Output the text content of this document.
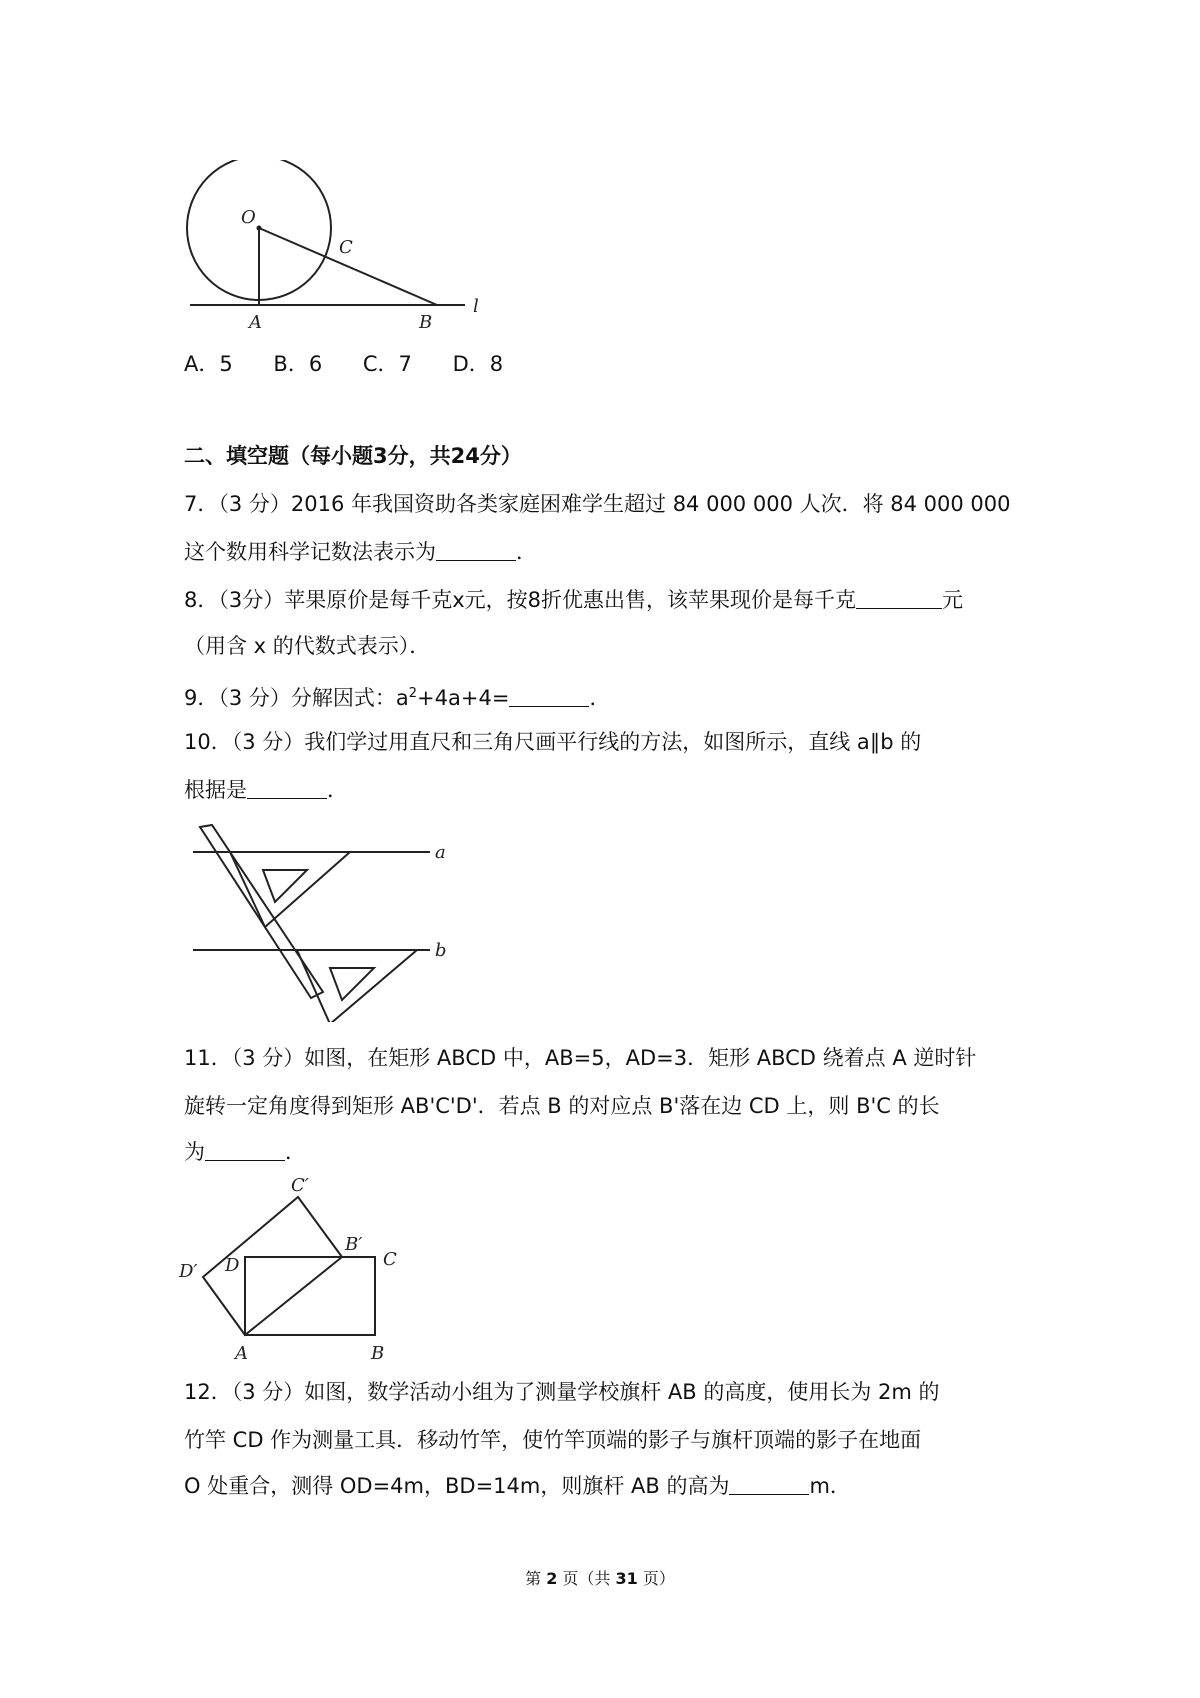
O
C
A	B
l
A．5 B．6 C．7 D．8
二、填空题（每小题3分，共24分）
7．（3 分）2016 年我国资助各类家庭困难学生超过 84 000 000 人次．将 84 000 000
这个数用科学记数法表示为	．
8．（3分）苹果原价是每千克x元，按8折优惠出售，该苹果现价是每千克	元
（用含 x 的代数式表示）．
9．（3 分）分解因式：$a^2+4a+4=$	．
10．（3 分）我们学过用直尺和三角尺画平行线的方法，如图所示，直线 a∥b 的
根据是	．
a
b
11．（3 分）如图，在矩形 ABCD 中，AB=5，AD=3．矩形 ABCD 绕着点 A 逆时针
旋转一定角度得到矩形 AB'C'D'．若点 B 的对应点 B'落在边 CD 上，则 B'C 的长
为	．
C′
B′
C
D′ D
A	B
12．（3 分）如图，数学活动小组为了测量学校旗杆 AB 的高度，使用长为 2m 的
竹竿 CD 作为测量工具．移动竹竿，使竹竿顶端的影子与旗杆顶端的影子在地面
O 处重合，测得 OD=4m，BD=14m，则旗杆 AB 的高为	m．
第 2 页（共 31 页）
